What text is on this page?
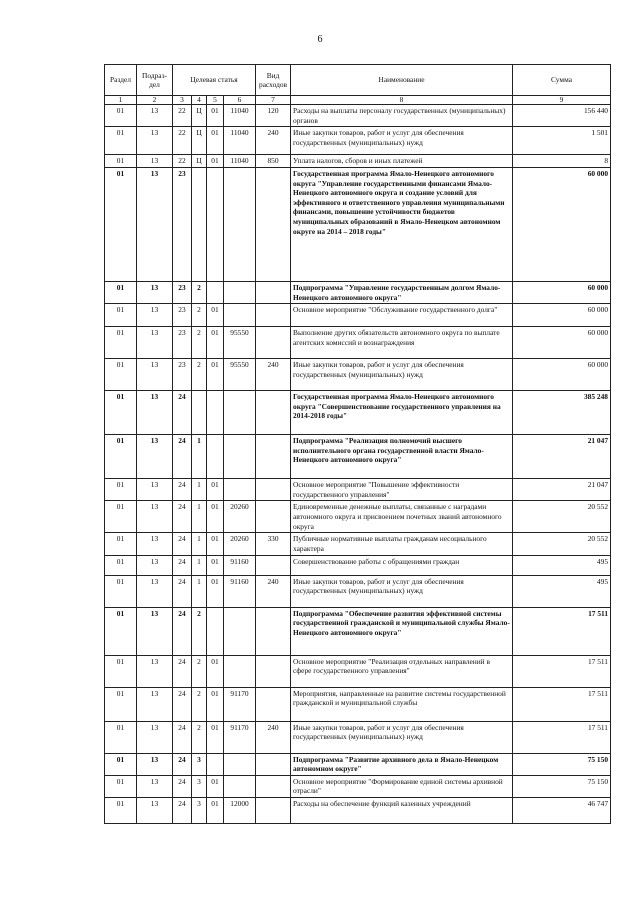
6
Раздел	Подраз-дел	Целевая статья				Вид расходов	Наименование	Сумма
1	2	3	4	5	6	7	8	9
01	13	22	Ц	01	11040	120	Расходы на выплаты персоналу государственных (муниципальных) органов	156 440
01	13	22	Ц	01	11040	240	Иные закупки товаров, работ и услуг для обеспечения государственных (муниципальных) нужд	1 501
01	13	22	Ц	01	11040	850	Уплата налогов, сборов и иных платежей	8
01	13	23					Государственная программа Ямало-Ненецкого автономного округа "Управление государственными финансами Ямало-Ненецкого автономного округа и создание условий для эффективного и ответственного управления муниципальными финансами, повышение устойчивости бюджетов муниципальных образований в Ямало-Ненецком автономном округе на 2014 – 2018 годы"	60 000
01	13	23	2				Подпрограмма "Управление государственным долгом Ямало-Ненецкого автономного округа"	60 000
01	13	23	2	01			Основное мероприятие "Обслуживание государственного долга"	60 000
01	13	23	2	01	95550		Выполнение других обязательств автономного округа по выплате агентских комиссий и вознаграждения	60 000
01	13	23	2	01	95550	240	Иные закупки товаров, работ и услуг для обеспечения государственных (муниципальных) нужд	60 000
01	13	24					Государственная программа Ямало-Ненецкого автономного округа "Совершенствование государственного управления на 2014-2018 годы"	385 248
01	13	24	1				Подпрограмма "Реализация полномочий высшего исполнительного органа государственной власти Ямало-Ненецкого автономного округа"	21 047
01	13	24	1	01			Основное мероприятие "Повышение эффективности государственного управления"	21 047
01	13	24	1	01	20260		Единовременные денежные выплаты, связанные с наградами автономного округа и присвоением почетных званий автономного округа	20 552
01	13	24	1	01	20260	330	Публичные нормативные выплаты гражданам несоциального характера	20 552
01	13	24	1	01	91160		Совершенствование работы с обращениями граждан	495
01	13	24	1	01	91160	240	Иные закупки товаров, работ и услуг для обеспечения государственных (муниципальных) нужд	495
01	13	24	2				Подпрограмма "Обеспечение развития эффективной системы государственной гражданской и муниципальной службы Ямало-Ненецкого автономного округа"	17 511
01	13	24	2	01			Основное мероприятие "Реализация отдельных направлений в сфере государственного управления"	17 511
01	13	24	2	01	91170		Мероприятия, направленные на развитие системы государственной гражданской и муниципальной службы	17 511
01	13	24	2	01	91170	240	Иные закупки товаров, работ и услуг для обеспечения государственных (муниципальных) нужд	17 511
01	13	24	3				Подпрограмма "Развитие архивного дела в Ямало-Ненецком автономном округе"	75 150
01	13	24	3	01			Основное мероприятие "Формирование единой системы архивной отрасли"	75 150
01	13	24	3	01	12000		Расходы на обеспечение функций казенных учреждений	46 747
